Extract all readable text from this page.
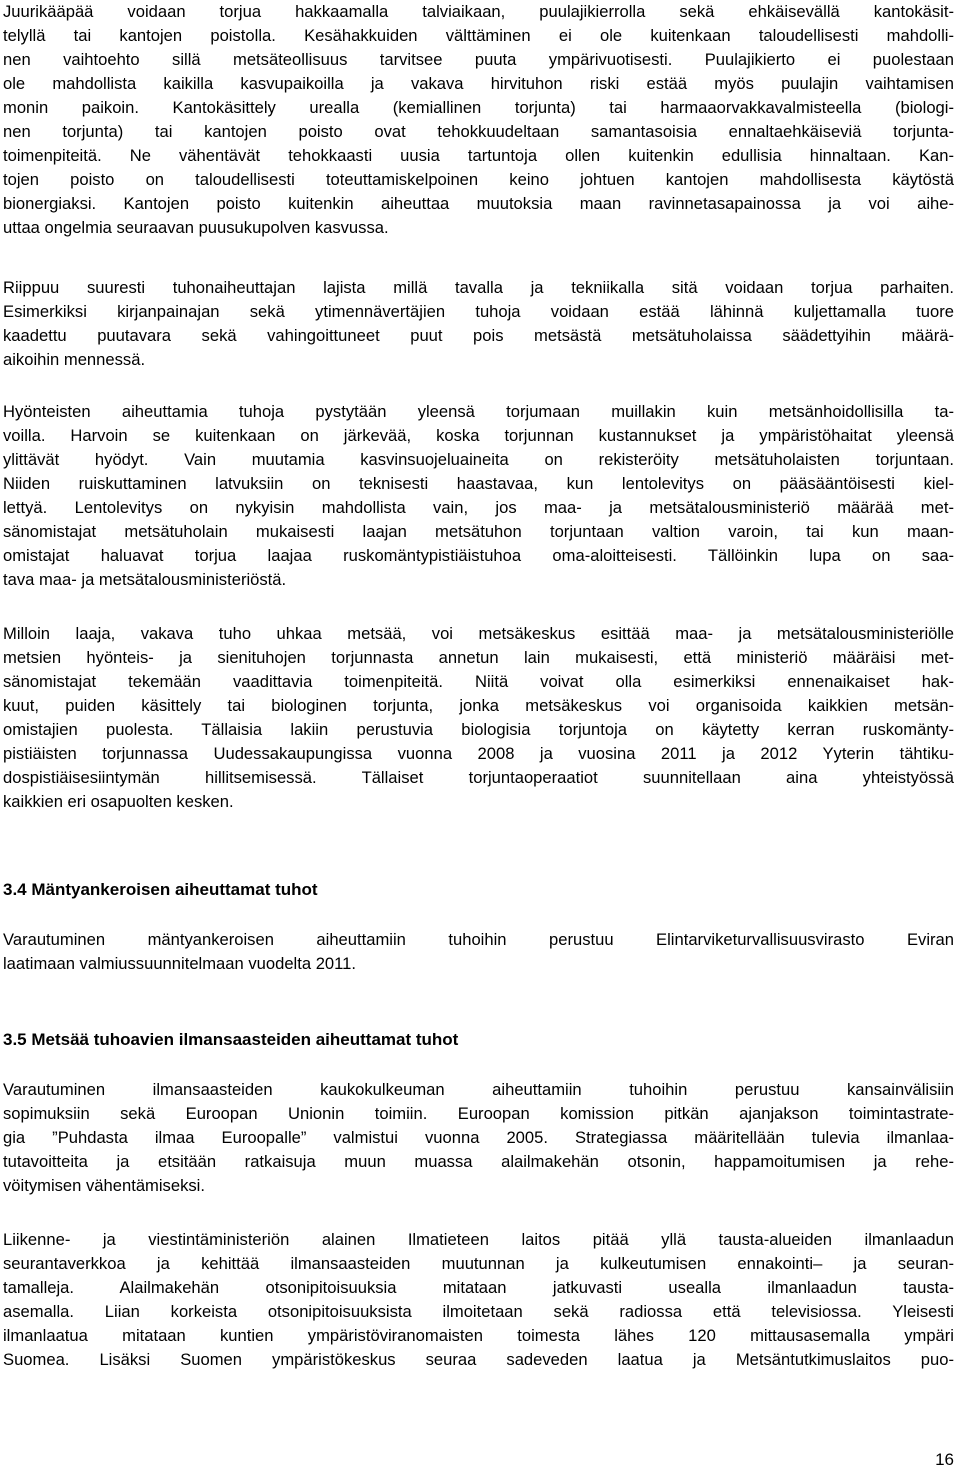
Juurikääpää voidaan torjua hakkaamalla talviaikaan, puulajikierrolla sekä ehkäisevällä kantokäsit-
telyllä tai kantojen poistolla. Kesähakkuiden välttäminen ei ole kuitenkaan taloudellisesti mahdolli-
nen vaihtoehto sillä metsäteollisuus tarvitsee puuta ympärivuotisesti. Puulajikierto ei puolestaan
ole mahdollista kaikilla kasvupaikoilla ja vakava hirvituhon riski estää myös puulajin vaihtamisen
monin paikoin. Kantokäsittely urealla (kemiallinen torjunta) tai harmaaorvakkavalmisteella (biologi-
nen torjunta) tai kantojen poisto ovat tehokkuudeltaan samantasoisia ennaltaehkäiseviä torjunta-
toimenpiteitä. Ne vähentävät tehokkaasti uusia tartuntoja ollen kuitenkin edullisia hinnaltaan. Kan-
tojen poisto on taloudellisesti toteuttamiskelpoinen keino johtuen kantojen mahdollisesta käytöstä
bionergiaksi. Kantojen poisto kuitenkin aiheuttaa muutoksia maan ravinnetasapainossa ja voi aihe-
uttaa ongelmia seuraavan puusukupolven kasvussa.
Riippuu suuresti tuhonaiheuttajan lajista millä tavalla ja tekniikalla sitä voidaan torjua parhaiten.
Esimerkiksi kirjanpainajan sekä ytimennävertäjien tuhoja voidaan estää lähinnä kuljettamalla tuore
kaadettu puutavara sekä vahingoittuneet puut pois metsästä metsätuholaissa säädettyihin määrä-
aikoihin mennessä.
Hyönteisten aiheuttamia tuhoja pystytään yleensä torjumaan muillakin kuin metsänhoidollisilla ta-
voilla. Harvoin se kuitenkaan on järkevää, koska torjunnan kustannukset ja ympäristöhaitat yleensä
ylittävät hyödyt. Vain muutamia kasvinsuojeluaineita on rekisteröity metsätuholaisten torjuntaan.
Niiden ruiskuttaminen latvuksiin on teknisesti haastavaa, kun lentolevitys on pääsääntöisesti kiel-
lettyä. Lentolevitys on nykyisin mahdollista vain, jos maa- ja metsätalousministeriö määrää met-
sänomistajat metsätuholain mukaisesti laajan metsätuhon torjuntaan valtion varoin, tai kun maan-
omistajat haluavat torjua laajaa ruskomäntypistiäistuhoa oma-aloitteisesti. Tällöinkin lupa on saa-
tava maa- ja metsätalousministeriöstä.
Milloin laaja, vakava tuho uhkaa metsää, voi metsäkeskus esittää maa- ja metsätalousministeriölle
metsien hyönteis- ja sienituhojen torjunnasta annetun lain mukaisesti, että ministeriö määräisi met-
sänomistajat tekemään vaadittavia toimenpiteitä. Niitä voivat olla esimerkiksi ennenaikaiset hak-
kuut, puiden käsittely tai biologinen torjunta, jonka metsäkeskus voi organisoida kaikkien metsän-
omistajien puolesta. Tällaisia lakiin perustuvia biologisia torjuntoja on käytetty kerran ruskomänty-
pistiäisten torjunnassa Uudessakaupungissa vuonna 2008 ja vuosina 2011 ja 2012 Yyterin tähtiku-
dospistiäisesiintymän hillitsemisessä. Tällaiset torjuntaoperaatiot suunnitellaan aina yhteistyössä
kaikkien eri osapuolten kesken.
3.4 Mäntyankeroisen aiheuttamat tuhot
Varautuminen mäntyankeroisen aiheuttamiin tuhoihin perustuu Elintarviketurvallisuusvirasto Eviran
laatimaan valmiussuunnitelmaan vuodelta 2011.
3.5 Metsää tuhoavien ilmansaasteiden aiheuttamat tuhot
Varautuminen ilmansaasteiden kaukokulkeuman aiheuttamiin tuhoihin perustuu kansainvälisiin
sopimuksiin sekä Euroopan Unionin toimiin. Euroopan komission pitkän ajanjakson toimintastrate-
gia ”Puhdasta ilmaa Euroopalle” valmistui vuonna 2005. Strategiassa määritellään tulevia ilmanlaa-
tutavoitteita ja etsitään ratkaisuja muun muassa alailmakehän otsonin, happamoitumisen ja rehe-
vöitymisen vähentämiseksi.
Liikenne- ja viestintäministeriön alainen Ilmatieteen laitos pitää yllä tausta-alueiden ilmanlaadun
seurantaverkkoa ja kehittää ilmansaasteiden muutunnan ja kulkeutumisen ennakointi– ja seuran-
tamalleja. Alailmakehän otsonipitoisuuksia mitataan jatkuvasti usealla ilmanlaadun tausta-
asemalla. Liian korkeista otsonipitoisuuksista ilmoitetaan sekä radiossa että televisiossa. Yleisesti
ilmanlaatua mitataan kuntien ympäristöviranomaisten toimesta lähes 120 mittausasemalla ympäri
Suomea. Lisäksi Suomen ympäristökeskus seuraa sadeveden laatua ja Metsäntutkimuslaitos puo-
16
